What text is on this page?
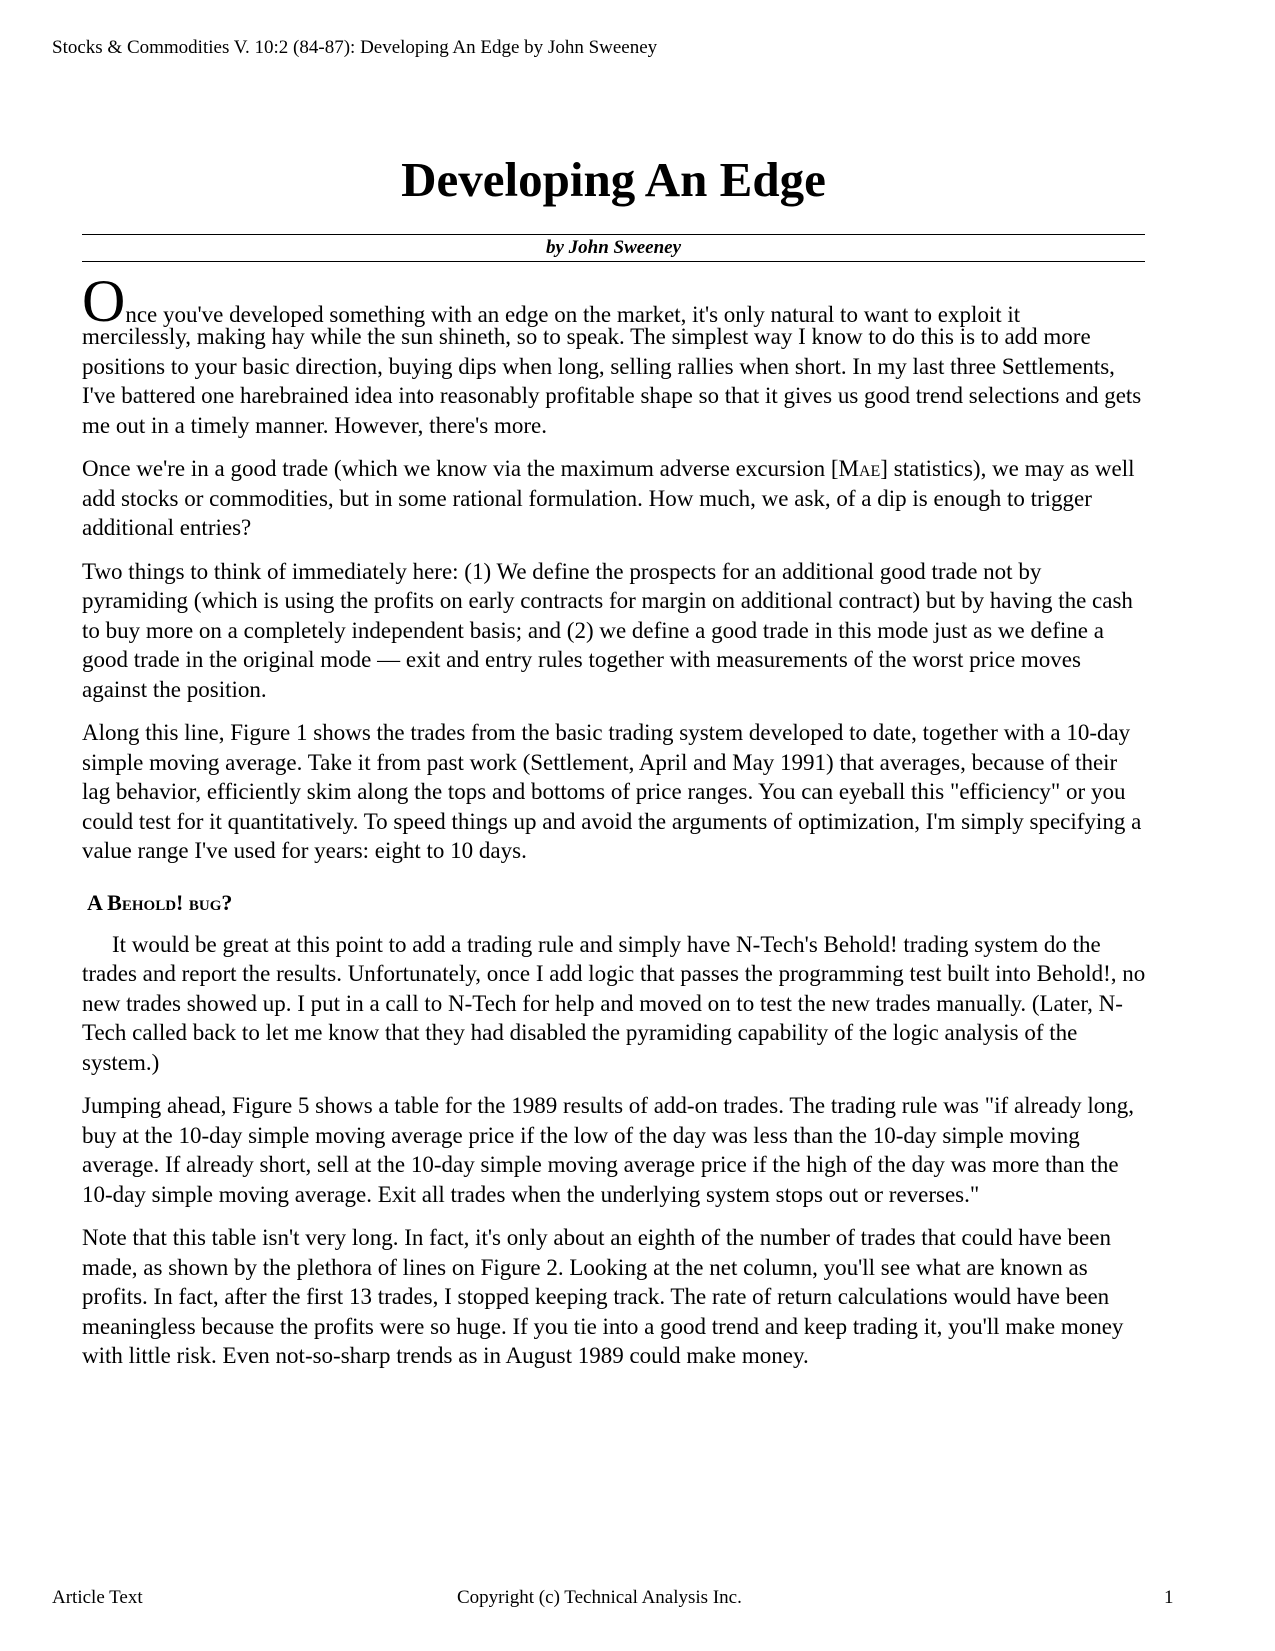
Stocks & Commodities V. 10:2 (84-87): Developing An Edge by John Sweeney
Developing An Edge
by John Sweeney

Once you've developed something with an edge on the market, it's only natural to want to exploit it
mercilessly, making hay while the sun shineth, so to speak. The simplest way I know to do this is to add more positions to your basic direction, buying dips when long, selling rallies when short. In my last three Settlements, I've battered one harebrained idea into reasonably profitable shape so that it gives us good trend selections and gets me out in a timely manner. However, there's more.

Once we're in a good trade (which we know via the maximum adverse excursion [Mae] statistics), we may as well add stocks or commodities, but in some rational formulation. How much, we ask, of a dip is enough to trigger additional entries?

Two things to think of immediately here: (1) We define the prospects for an additional good trade not by pyramiding (which is using the profits on early contracts for margin on additional contract) but by having the cash to buy more on a completely independent basis; and (2) we define a good trade in this mode just as we define a good trade in the original mode — exit and entry rules together with measurements of the worst price moves against the position.

Along this line, Figure 1 shows the trades from the basic trading system developed to date, together with a 10-day simple moving average. Take it from past work (Settlement, April and May 1991) that averages, because of their lag behavior, efficiently skim along the tops and bottoms of price ranges. You can eyeball this "efficiency" or you could test for it quantitatively. To speed things up and avoid the arguments of optimization, I'm simply specifying a value range I've used for years: eight to 10 days.

A Behold! bug?

It would be great at this point to add a trading rule and simply have N-Tech's Behold! trading system do the trades and report the results. Unfortunately, once I add logic that passes the programming test built into Behold!, no new trades showed up. I put in a call to N-Tech for help and moved on to test the new trades manually. (Later, N-Tech called back to let me know that they had disabled the pyramiding capability of the logic analysis of the system.)

Jumping ahead, Figure 5 shows a table for the 1989 results of add-on trades. The trading rule was "if already long, buy at the 10-day simple moving average price if the low of the day was less than the 10-day simple moving average. If already short, sell at the 10-day simple moving average price if the high of the day was more than the 10-day simple moving average. Exit all trades when the underlying system stops out or reverses."

Note that this table isn't very long. In fact, it's only about an eighth of the number of trades that could have been made, as shown by the plethora of lines on Figure 2. Looking at the net column, you'll see what are known as profits. In fact, after the first 13 trades, I stopped keeping track. The rate of return calculations would have been meaningless because the profits were so huge. If you tie into a good trend and keep trading it, you'll make money with little risk. Even not-so-sharp trends as in August 1989 could make money.

Article Text	Copyright (c) Technical Analysis Inc.	1
